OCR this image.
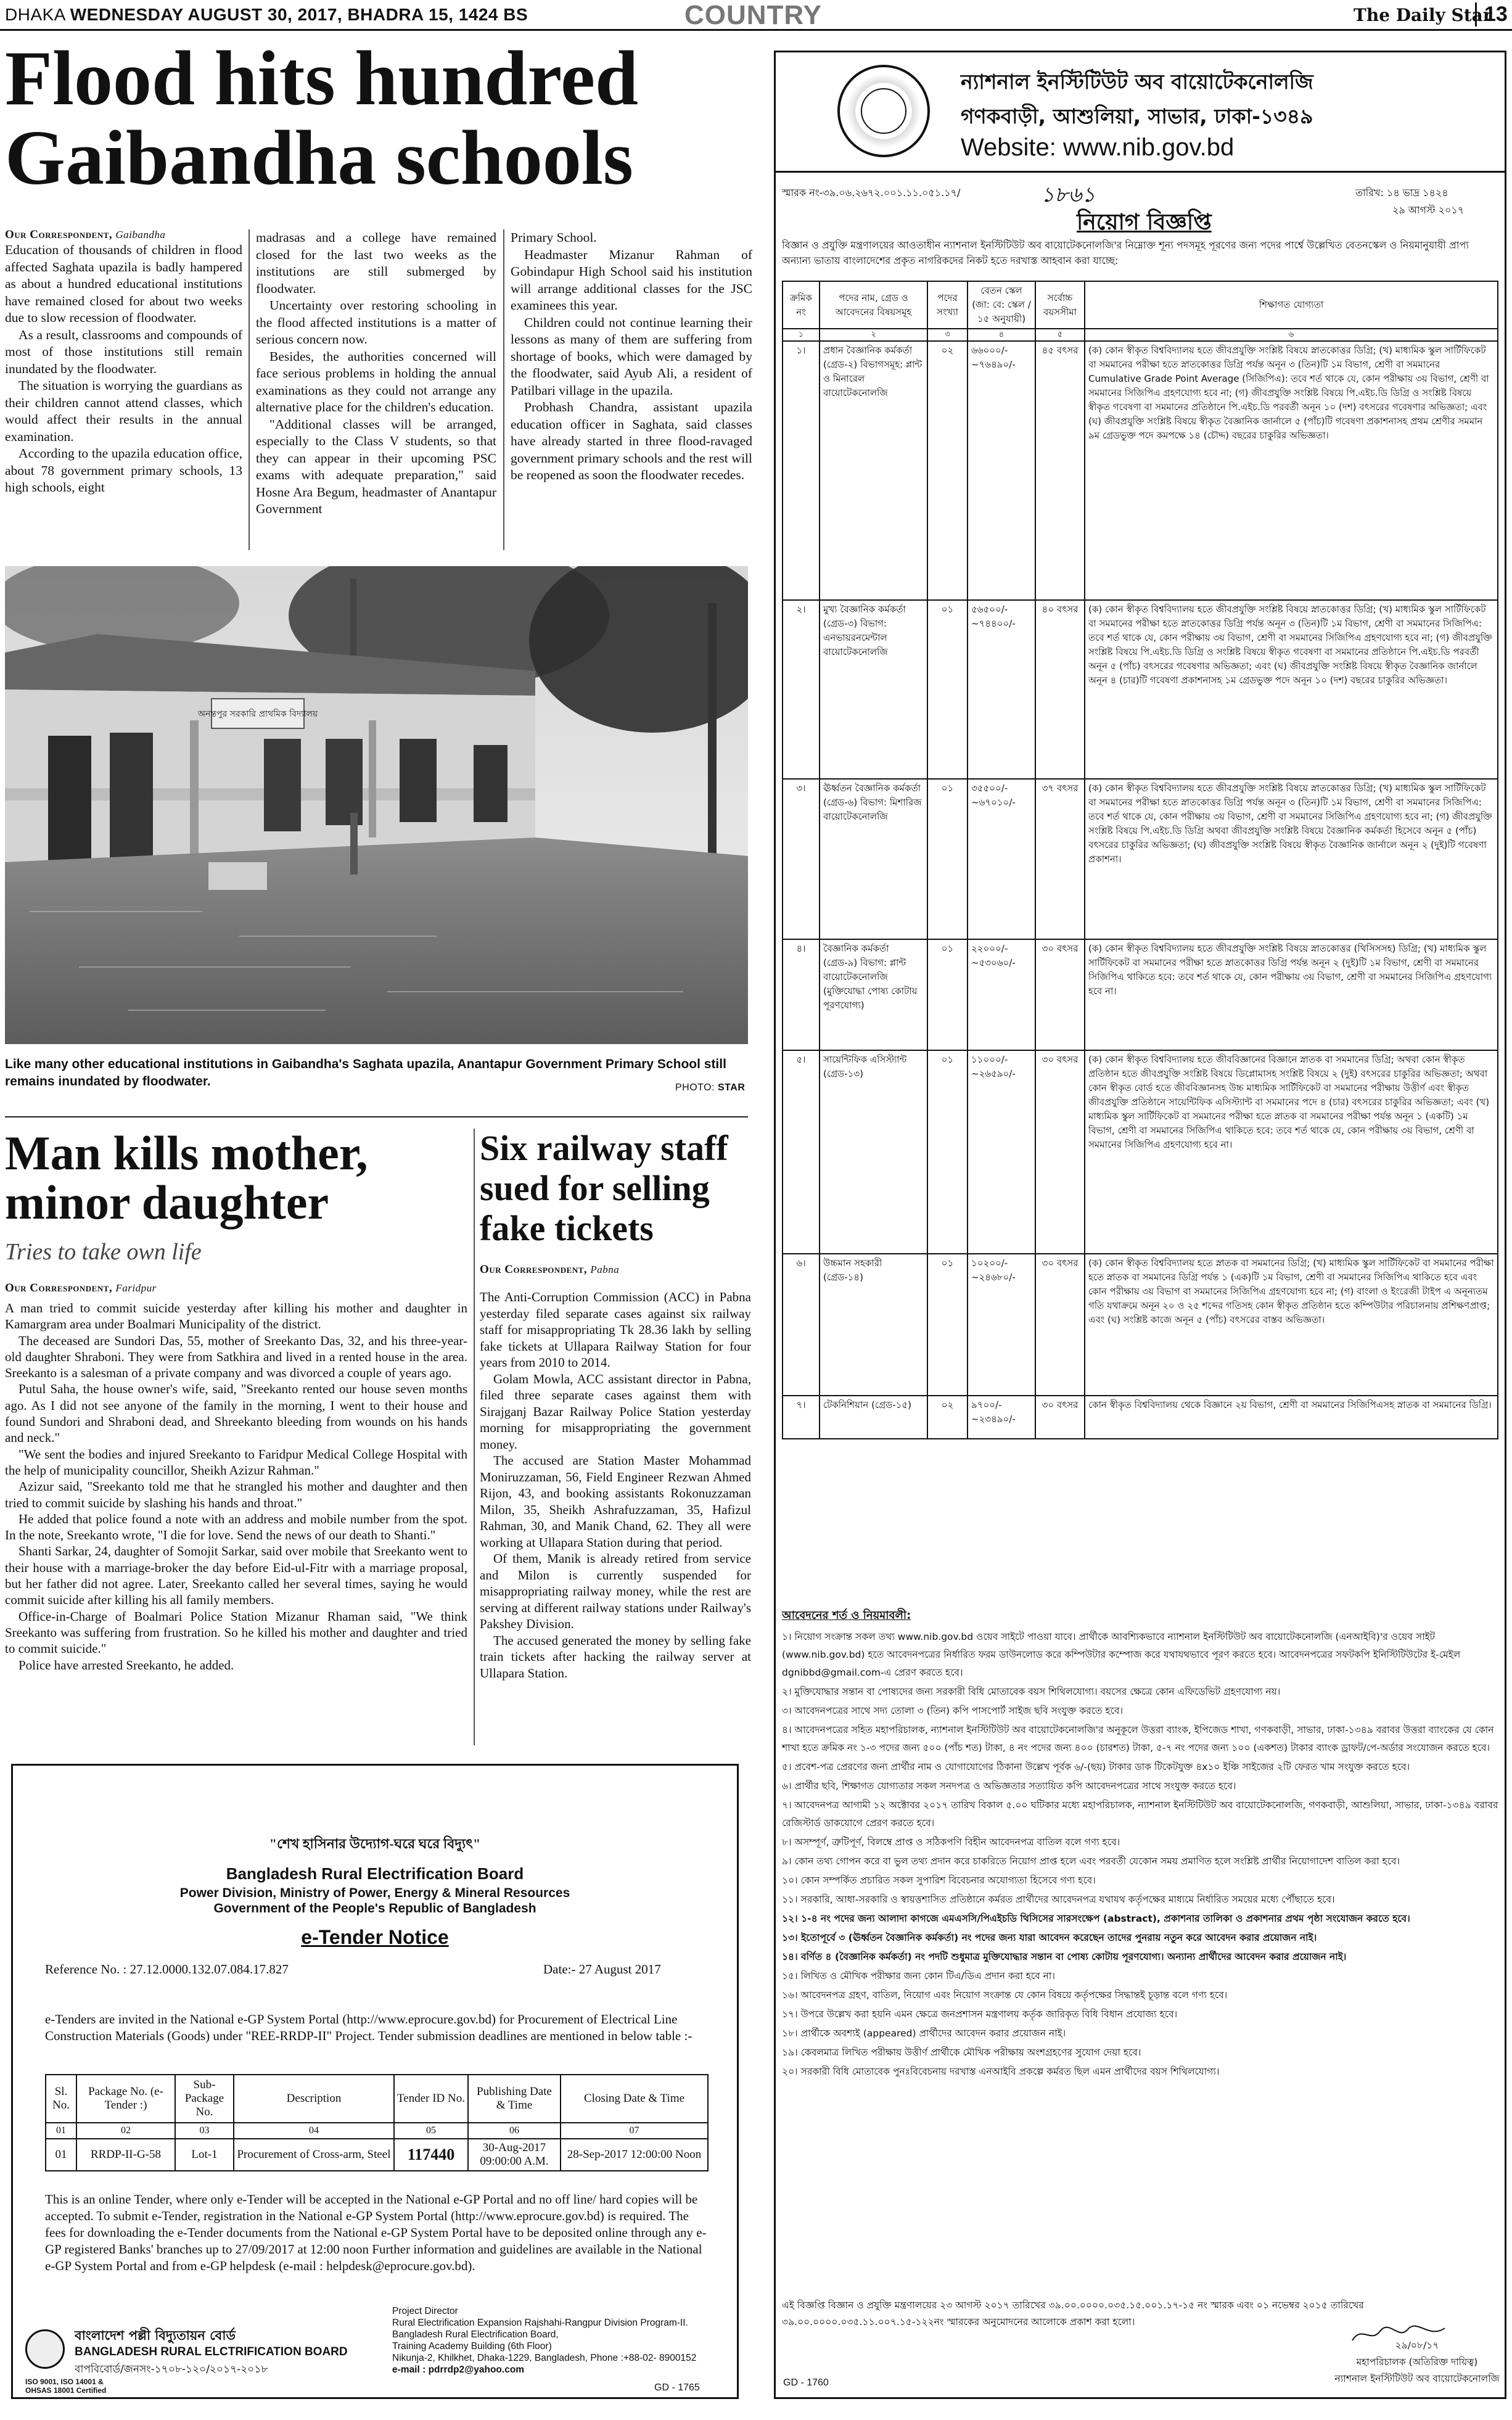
DHAKA WEDNESDAY AUGUST 30, 2017, BHADRA 15, 1424 BS	COUNTRY	The Daily Star
13
Flood hits hundred
Gaibandha schools
Our Correspondent, Gaibandha

Education of thousands of children in flood affected Saghata upazila is badly hampered as about a hundred educational institutions have remained closed for about two weeks due to slow recession of floodwater.

As a result, classrooms and compounds of most of those institutions still remain inundated by the floodwater.

The situation is worrying the guardians as their children cannot attend classes, which would affect their results in the annual examination.

According to the upazila education office, about 78 government primary schools, 13 high schools, eight

madrasas and a college have remained closed for the last two weeks as the institutions are still submerged by floodwater.

Uncertainty over restoring schooling in the flood affected institutions is a matter of serious concern now.

Besides, the authorities concerned will face serious problems in holding the annual examinations as they could not arrange any alternative place for the children's education.

"Additional classes will be arranged, especially to the Class V students, so that they can appear in their upcoming PSC exams with adequate preparation," said Hosne Ara Begum, headmaster of Anantapur Government

Primary School.

Headmaster Mizanur Rahman of Gobindapur High School said his institution will arrange additional classes for the JSC examinees this year.

Children could not continue learning their lessons as many of them are suffering from shortage of books, which were damaged by the floodwater, said Ayub Ali, a resident of Patilbari village in the upazila.

Probhash Chandra, assistant upazila education officer in Saghata, said classes have already started in three flood-ravaged government primary schools and the rest will be reopened as soon the floodwater recedes.

অনন্তপুর সরকারি প্রাথমিক বিদ্যালয়
Like many other educational institutions in Gaibandha's Saghata upazila, Anantapur Government Primary School still remains inundated by floodwater.	PHOTO: STAR
Man kills mother,
minor daughter
Tries to take own life
Our Correspondent, Faridpur

A man tried to commit suicide yesterday after killing his mother and daughter in Kamargram area under Boalmari Municipality of the district.

The deceased are Sundori Das, 55, mother of Sreekanto Das, 32, and his three-year-old daughter Shraboni. They were from Satkhira and lived in a rented house in the area. Sreekanto is a salesman of a private company and was divorced a couple of years ago.

Putul Saha, the house owner's wife, said, "Sreekanto rented our house seven months ago. As I did not see anyone of the family in the morning, I went to their house and found Sundori and Shraboni dead, and Shreekanto bleeding from wounds on his hands and neck."

"We sent the bodies and injured Sreekanto to Faridpur Medical College Hospital with the help of municipality councillor, Sheikh Azizur Rahman."

Azizur said, "Sreekanto told me that he strangled his mother and daughter and then tried to commit suicide by slashing his hands and throat."

He added that police found a note with an address and mobile number from the spot. In the note, Sreekanto wrote, "I die for love. Send the news of our death to Shanti."

Shanti Sarkar, 24, daughter of Somojit Sarkar, said over mobile that Sreekanto went to their house with a marriage-broker the day before Eid-ul-Fitr with a marriage proposal, but her father did not agree. Later, Sreekanto called her several times, saying he would commit suicide after killing his all family members.

Office-in-Charge of Boalmari Police Station Mizanur Rhaman said, "We think Sreekanto was suffering from frustration. So he killed his mother and daughter and tried to commit suicide."

Police have arrested Sreekanto, he added.

Six railway staff
sued for selling
fake tickets
Our Correspondent, Pabna

The Anti-Corruption Commission (ACC) in Pabna yesterday filed separate cases against six railway staff for misappropriating Tk 28.36 lakh by selling fake tickets at Ullapara Railway Station for four years from 2010 to 2014.

Golam Mowla, ACC assistant director in Pabna, filed three separate cases against them with Sirajganj Bazar Railway Police Station yesterday morning for misappropriating the government money.

The accused are Station Master Mohammad Moniruzzaman, 56, Field Engineer Rezwan Ahmed Rijon, 43, and booking assistants Rokonuzzaman Milon, 35, Sheikh Ashrafuzzaman, 35, Hafizul Rahman, 30, and Manik Chand, 62. They all were working at Ullapara Station during that period.

Of them, Manik is already retired from service and Milon is currently suspended for misappropriating railway money, while the rest are serving at different railway stations under Railway's Pakshey Division.

The accused generated the money by selling fake train tickets after hacking the railway server at Ullapara Station.

"শেখ হাসিনার উদ্যোগ-ঘরে ঘরে বিদ্যুৎ"
Bangladesh Rural Electrification Board
Power Division, Ministry of Power, Energy & Mineral Resources
Government of the People's Republic of Bangladesh
e-Tender Notice
Reference No. : 27.12.0000.132.07.084.17.827	Date:- 27 August 2017
e-Tenders are invited in the National e-GP System Portal (http://www.eprocure.gov.bd) for Procurement of Electrical Line Construction Materials (Goods) under "REE-RRDP-II" Project. Tender submission deadlines are mentioned in below table :-
Sl. No.	Package No. (e-Tender :)	Sub-Package No.	Description	Tender ID No.	Publishing Date & Time	Closing Date & Time
01	02	03	04	05	06	07
01	RRDP-II-G-58	Lot-1	Procurement of Cross-arm, Steel	117440	30-Aug-2017 09:00:00 A.M.	28-Sep-2017 12:00:00 Noon
This is an online Tender, where only e-Tender will be accepted in the National e-GP Portal and no off line/ hard copies will be accepted. To submit e-Tender, registration in the National e-GP System Portal (http://www.eprocure.gov.bd) is required. The fees for downloading the e-Tender documents from the National e-GP System Portal have to be deposited online through any e-GP registered Banks' branches up to 27/09/2017 at 12:00 noon Further information and guidelines are available in the National e-GP System Portal and from e-GP helpdesk (e-mail : helpdesk@eprocure.gov.bd).
বাংলাদেশ পল্লী বিদ্যুতায়ন বোর্ড
BANGLADESH RURAL ELCTRIFICATION BOARD
বাপবিবোর্ড/জনসং-১৭০৮-১২০/২০১৭-২০১৮
ISO 9001, ISO 14001 &
OHSAS 18001 Certified
Project Director
Rural Electrification Expansion Rajshahi-Rangpur Division Program-II.
Bangladesh Rural Electrification Board,
Training Academy Building (6th Floor)
Nikunja-2, Khilkhet, Dhaka-1229, Bangladesh, Phone :+88-02- 8900152
e-mail : pdrrdp2@yahoo.com
GD - 1765
ন্যাশনাল ইনস্টিটিউট অব বায়োটেকনোলজি
গণকবাড়ী, আশুলিয়া, সাভার, ঢাকা-১৩৪৯
Website: www.nib.gov.bd
স্মারক নং-৩৯.০৬.২৬৭২.০০১.১১.০৫১.১৭/	১৮৬১
নিয়োগ বিজ্ঞপ্তি
তারিখ: ১৪ ভাদ্র ১৪২৪
২৯ আগস্ট ২০১৭
বিজ্ঞান ও প্রযুক্তি মন্ত্রণালয়ের আওতাধীন ন্যাশনাল ইনস্টিটিউট অব বায়োটেকনোলজি'র নিম্নোক্ত শূন্য পদসমূহ পূরণের জন্য পদের পার্শ্বে উল্লেখিত বেতনস্কেল ও নিয়মানুযায়ী প্রাপ্য অন্যান্য ভাতায় বাংলাদেশের প্রকৃত নাগরিকদের নিকট হতে দরখাস্ত আহবান করা যাচ্ছে:
ক্রমিক নং	পদের নাম, গ্রেড ও আবেদনের বিষয়সমূহ	পদের সংখ্যা	বেতন স্কেল (জা: বে: স্কেল /১৫ অনুযায়ী)	সর্বোচ্চ বয়সসীমা	শিক্ষাগত যোগ্যতা
১	২	৩	৪	৫	৬
১।	প্রধান বৈজ্ঞানিক কর্মকর্তা (গ্রেড-২) বিভাগসমূহ: প্লান্ট ও মিনারেল বায়োটেকনোলজি	০২	৬৬০০০/- ~৭৬৪৯০/-	৪৫ বৎসর	(ক) কোন স্বীকৃত বিশ্ববিদ্যালয় হতে জীবপ্রযুক্তি সংশ্লিষ্ট বিষয়ে স্নাতকোত্তর ডিগ্রি; (খ) মাধ্যমিক স্কুল সার্টিফিকেট বা সমমানের পরীক্ষা হতে স্নাতকোত্তর ডিগ্রি পর্যন্ত অনূন ৩ (তিন)টি ১ম বিভাগ, শ্রেণী বা সমমানের Cumulative Grade Point Average (সিজিপিএ): তবে শর্ত থাকে যে, কোন পরীক্ষায় ৩য় বিভাগ, শ্রেণী বা সমমানের সিজিপিএ গ্রহণযোগ্য হবে না; (গ) জীবপ্রযুক্তি সংশ্লিষ্ট বিষয়ে পি.এইচ.ডি ডিগ্রি ও সংশ্লিষ্ট বিষয়ে স্বীকৃত গবেষণা বা সমমানের প্রতিষ্ঠানে পি.এইচ.ডি পরবর্তী অনূন ১০ (দশ) বৎসরের গবেষণার অভিজ্ঞতা; এবং (ঘ) জীবপ্রযুক্তি সংশ্লিষ্ট বিষয়ে স্বীকৃত বৈজ্ঞানিক জার্নালে ৫ (পাঁচ)টি গবেষণা প্রকাশনাসহ প্রথম শ্রেণীর সমমান ৯ম গ্রেডভুক্ত পদে কমপক্ষে ১৪ (চৌদ্দ) বছরের চাকুরির অভিজ্ঞতা।
২।	মুখ্য বৈজ্ঞানিক কর্মকর্তা (গ্রেড-৩) বিভাগ: এনভায়রনমেন্টাল বায়োটেকনোলজি	০১	৫৬৫০০/- ~৭৪৪০০/-	৪০ বৎসর	(ক) কোন স্বীকৃত বিশ্ববিদ্যালয় হতে জীবপ্রযুক্তি সংশ্লিষ্ট বিষয়ে স্নাতকোত্তর ডিগ্রি; (খ) মাধ্যমিক স্কুল সার্টিফিকেট বা সমমানের পরীক্ষা হতে স্নাতকোত্তর ডিগ্রি পর্যন্ত অনূন ৩ (তিন)টি ১ম বিভাগ, শ্রেণী বা সমমানের সিজিপিএ: তবে শর্ত থাকে যে, কোন পরীক্ষায় ৩য় বিভাগ, শ্রেণী বা সমমানের সিজিপিএ গ্রহণযোগ্য হবে না; (গ) জীবপ্রযুক্তি সংশ্লিষ্ট বিষয়ে পি.এইচ.ডি ডিগ্রি ও সংশ্লিষ্ট বিষয়ে স্বীকৃত গবেষণা বা সমমানের প্রতিষ্ঠানে পি.এইচ.ডি পরবর্তী অনূন ৫ (পাঁচ) বৎসরের গবেষণার অভিজ্ঞতা; এবং (ঘ) জীবপ্রযুক্তি সংশ্লিষ্ট বিষয়ে স্বীকৃত বৈজ্ঞানিক জার্নালে অনূন ৪ (চার)টি গবেষণা প্রকাশনাসহ ১ম গ্রেডভুক্ত পদে অনূন ১০ (দশ) বছরের চাকুরির অভিজ্ঞতা।
৩।	ঊর্ধ্বতন বৈজ্ঞানিক কর্মকর্তা (গ্রেড-৬) বিভাগ: মিশারিজ বায়োটেকনোলজি	০১	৩৫৫০০/- ~৬৭০১০/-	৩৭ বৎসর	(ক) কোন স্বীকৃত বিশ্ববিদ্যালয় হতে জীবপ্রযুক্তি সংশ্লিষ্ট বিষয়ে স্নাতকোত্তর ডিগ্রি; (খ) মাধ্যমিক স্কুল সার্টিফিকেট বা সমমানের পরীক্ষা হতে স্নাতকোত্তর ডিগ্রি পর্যন্ত অনূন ৩ (তিন)টি ১ম বিভাগ, শ্রেণী বা সমমানের সিজিপিএ: তবে শর্ত থাকে যে, কোন পরীক্ষায় ৩য় বিভাগ, শ্রেণী বা সমমানের সিজিপিএ গ্রহণযোগ্য হবে না; (গ) জীবপ্রযুক্তি সংশ্লিষ্ট বিষয়ে পি.এইচ.ডি ডিগ্রি অথবা জীবপ্রযুক্তি সংশ্লিষ্ট বিষয়ে বৈজ্ঞানিক কর্মকর্তা হিসেবে অনূন ৫ (পাঁচ) বৎসরের চাকুরির অভিজ্ঞতা; (ঘ) জীবপ্রযুক্তি সংশ্লিষ্ট বিষয়ে স্বীকৃত বৈজ্ঞানিক জার্নালে অনূন ২ (দুই)টি গবেষণা প্রকাশনা।
৪।	বৈজ্ঞানিক কর্মকর্তা (গ্রেড-৯) বিভাগ: প্লান্ট বায়োটেকনোলজি (মুক্তিযোদ্ধা পোষ্য কোটায় পূরণযোগ্য)	০১	২২০০০/- ~৫৩০৬০/-	৩০ বৎসর	(ক) কোন স্বীকৃত বিশ্ববিদ্যালয় হতে জীবপ্রযুক্তি সংশ্লিষ্ট বিষয়ে স্নাতকোত্তর (থিসিসসহ) ডিগ্রি; (খ) মাধ্যমিক স্কুল সার্টিফিকেট বা সমমানের পরীক্ষা হতে স্নাতকোত্তর ডিগ্রি পর্যন্ত অনূন ২ (দুই)টি ১ম বিভাগ, শ্রেণী বা সমমানের সিজিপিএ থাকিতে হবে: তবে শর্ত থাকে যে, কোন পরীক্ষায় ৩য় বিভাগ, শ্রেণী বা সমমানের সিজিপিএ গ্রহণযোগ্য হবে না।
৫।	সায়েন্টিফিক এসিস্ট্যান্ট (গ্রেড-১৩)	০১	১১০০০/- ~২৬৫৯০/-	৩০ বৎসর	(ক) কোন স্বীকৃত বিশ্ববিদ্যালয় হতে জীববিজ্ঞানের বিজ্ঞানে স্নাতক বা সমমানের ডিগ্রি; অথবা কোন স্বীকৃত প্রতিষ্ঠান হতে জীবপ্রযুক্তি সংশ্লিষ্ট বিষয়ে ডিপ্লোমাসহ সংশ্লিষ্ট বিষয়ে ২ (দুই) বৎসরের চাকুরির অভিজ্ঞতা; অথবা কোন স্বীকৃত বোর্ড হতে জীববিজ্ঞানসহ উচ্চ মাধ্যমিক সার্টিফিকেট বা সমমানের পরীক্ষায় উত্তীর্ণ এবং স্বীকৃত জীবপ্রযুক্তি প্রতিষ্ঠানে সায়েন্টিফিক এসিস্ট্যান্ট বা সমমানের পদে ৪ (চার) বৎসরের চাকুরির অভিজ্ঞতা; এবং (খ) মাধ্যমিক স্কুল সার্টিফিকেট বা সমমানের পরীক্ষা হতে স্নাতক বা সমমানের পরীক্ষা পর্যন্ত অনূন ১ (একটি) ১ম বিভাগ, শ্রেণী বা সমমানের সিজিপিএ থাকিতে হবে: তবে শর্ত থাকে যে, কোন পরীক্ষায় ৩য় বিভাগ, শ্রেণী বা সমমানের সিজিপিএ গ্রহণযোগ্য হবে না।
৬।	উচ্চমান সহকারী (গ্রেড-১৪)	০১	১০২০০/- ~২৪৬৮০/-	৩০ বৎসর	(ক) কোন স্বীকৃত বিশ্ববিদ্যালয় হতে স্নাতক বা সমমানের ডিগ্রি; (খ) মাধ্যমিক স্কুল সার্টিফিকেট বা সমমানের পরীক্ষা হতে স্নাতক বা সমমানের ডিগ্রি পর্যন্ত ১ (এক)টি ১ম বিভাগ, শ্রেণী বা সমমানের সিজিপিএ থাকিতে হবে এবং কোন পরীক্ষায় ৩য় বিভাগ বা সমমানের সিজিপিএ গ্রহণযোগ্য হবে না; (গ) বাংলা ও ইংরেজী টাইপ এ অনূন্যতম গতি যথাক্রমে অনূন ২০ ও ২৫ শব্দের গতিসহ কোন স্বীকৃত প্রতিষ্ঠান হতে কম্পিউটার পরিচালনায় প্রশিক্ষণপ্রাপ্ত; এবং (ঘ) সংশ্লিষ্ট কাজে অনূন ৫ (পাঁচ) বৎসরের বাস্তব অভিজ্ঞতা।
৭।	টেকনিশিয়ান (গ্রেড-১৫)	০২	৯৭০০/- ~২৩৪৯০/-	৩০ বৎসর	কোন স্বীকৃত বিশ্ববিদ্যালয় থেকে বিজ্ঞানে ২য় বিভাগ, শ্রেণী বা সমমানের সিজিপিএসহ স্নাতক বা সমমানের ডিগ্রি।
আবেদনের শর্ত ও নিয়মাবলী:

১। নিয়োগ সংক্রান্ত সকল তথ্য www.nib.gov.bd ওয়েব সাইটে পাওয়া যাবে। প্রার্থীকে আবশ্যিকভাবে ন্যাশনাল ইনস্টিটিউট অব বায়োটেকনোলজি (এনআইবি)'র ওয়েব সাইট (www.nib.gov.bd) হতে আবেদনপত্রের নির্ধারিত ফরম ডাউনলোড করে কম্পিউটার কম্পোজ করে যথাযথভাবে পূরণ করতে হবে। আবেদনপত্রের সফটকপি ইনিস্টিটিউটের ই-মেইল dgnibbd@gmail.com-এ প্রেরণ করতে হবে।

২। মুক্তিযোদ্ধার সন্তান বা পোষ্যদের জন্য সরকারী বিধি মোতাবেক বয়স শিথিলযোগ্য। বয়সের ক্ষেত্রে কোন এফিডেভিট গ্রহণযোগ্য নয়।

৩। আবেদনপত্রের সাথে সদ্য তোলা ৩ (তিন) কপি পাসপোর্ট সাইজ ছবি সংযুক্ত করতে হবে।

৪। আবেদনপত্রের সহিত মহাপরিচালক, ন্যাশনাল ইনস্টিটিউট অব বায়োটেকনোলজি'র অনুকূলে উত্তরা ব্যাংক, ইপিজেড শাখা, গণকবাড়ী, সাভার, ঢাকা-১৩৪৯ বরাবর উত্তরা ব্যাংকের যে কোন শাখা হতে ক্রমিক নং ১-৩ পদের জন্য ৫০০ (পাঁচ শত) টাকা, ৪ নং পদের জন্য ৪০০ (চারশত) টাকা, ৫-৭ নং পদের জন্য ১০০ (একশত) টাকার ব্যাংক ড্রাফট/পে-অর্ডার সংযোজন করতে হবে।

৫। প্রবেশ-পত্র প্রেরণের জন্য প্রার্থীর নাম ও যোগাযোগের ঠিকানা উল্লেখ পূর্বক ৬/-(ছয়) টাকার ডাক টিকেটযুক্ত ৪x১০ ইঞ্চি সাইজের ২টি ফেরত খাম সংযুক্ত করতে হবে।

৬। প্রার্থীর ছবি, শিক্ষাগত যোগ্যতার সকল সনদপত্র ও অভিজ্ঞতার সত্যায়িত কপি আবেদনপত্রের সাথে সংযুক্ত করতে হবে।

৭। আবেদনপত্র আগামী ১২ অক্টোবর ২০১৭ তারিখ বিকাল ৫.০০ ঘটিকার মধ্যে মহাপরিচালক, ন্যাশনাল ইনস্টিটিউট অব বায়োটেকনোলজি, গণকবাড়ী, আশুলিয়া, সাভার, ঢাকা-১৩৪৯ বরাবর রেজিস্টার্ড ডাকযোগে প্রেরণ করতে হবে।

৮। অসম্পূর্ণ, ত্রুটিপূর্ণ, বিলম্বে প্রাপ্ত ও সঠিকপণি বিহীন আবেদনপত্র বাতিল বলে গণ্য হবে।

৯। কোন তথ্য গোপন করে বা ভুল তথ্য প্রদান করে চাকরিতে নিয়োগ প্রাপ্ত হলে এবং পরবর্তী যেকোন সময় প্রমাণিত হলে সংশ্লিষ্ট প্রার্থীর নিয়োগাদেশ বাতিল করা হবে।

১০। কোন সম্পর্কিত প্রচারিত সকল সুপারিশ বিবেচনার অযোগ্যতা হিসেবে গণ্য হবে।

১১। সরকারি, আধা-সরকারি ও স্বায়ত্তশাসিত প্রতিষ্ঠানে কর্মরত প্রার্থীদের আবেদনপত্র যথাযথ কর্তৃপক্ষের মাধ্যমে নির্ধারিত সময়ের মধ্যে পৌঁছাতে হবে।

১২। ১-৪ নং পদের জন্য আলাদা কাগজে এমএসসি/পিএইচডি থিসিসের সারসংক্ষেপ (abstract), প্রকাশনার তালিকা ও প্রকাশনার প্রথম পৃষ্ঠা সংযোজন করতে হবে।

১৩। ইতোপূর্বে ৩ (ঊর্ধ্বতন বৈজ্ঞানিক কর্মকর্তা) নং পদের জন্য যারা আবেদন করেছেন তাদের পুনরায় নতুন করে আবেদন করার প্রয়োজন নাই।

১৪। বর্ণিত ৪ (বৈজ্ঞানিক কর্মকর্তা) নং পদটি শুধুমাত্র মুক্তিযোদ্ধার সন্তান বা পোষ্য কোটায় পূরণযোগ্য। অন্যান্য প্রার্থীদের আবেদন করার প্রয়োজন নাই।

১৫। লিখিত ও মৌখিক পরীক্ষার জন্য কোন টিএ/ডিএ প্রদান করা হবে না।

১৬। আবেদনপত্র গ্রহণ, বাতিল, নিয়োগ এবং নিয়োগ সংক্রান্ত যে কোন বিষয়ে কর্তৃপক্ষের সিদ্ধান্তই চূড়ান্ত বলে গণ্য হবে।

১৭। উপরে উল্লেখ করা হয়নি এমন ক্ষেত্রে জনপ্রশাসন মন্ত্রণালয় কর্তৃক জারিকৃত বিধি বিধান প্রযোজ্য হবে।

১৮। প্রার্থীকে অবশ্যই (appeared) প্রার্থীদের আবেদন করার প্রয়োজন নাই।

১৯। কেবলমাত্র লিখিত পরীক্ষায় উত্তীর্ণ প্রার্থীকে মৌখিক পরীক্ষায় অংশগ্রহণের সুযোগ দেয়া হবে।

২০। সরকারী বিধি মোতাবেক পুনঃবিবেচনায় দরখাস্ত এনআইবি প্রকল্পে কর্মরত ছিল এমন প্রার্থীদের বয়স শিথিলযোগ্য।

এই বিজ্ঞপ্তি বিজ্ঞান ও প্রযুক্তি মন্ত্রণালয়ের ২৩ আগস্ট ২০১৭ তারিখের ৩৯.০০.০০০০.০৩৫.১৫.০০১.১৭-১৫ নং স্মারক এবং ০১ নভেম্বর ২০১৫ তারিখের ৩৯.০০.০০০০.০৩৫.১১.০০৭.১৫-১২২নং স্মারকের অনুমোদনের আলোকে প্রকাশ করা হলো।
২৯/০৮/১৭
মহাপরিচালক (অতিরিক্ত দায়িত্ব)
ন্যাশনাল ইনস্টিটিউট অব বায়োটেকনোলজি
GD - 1760
